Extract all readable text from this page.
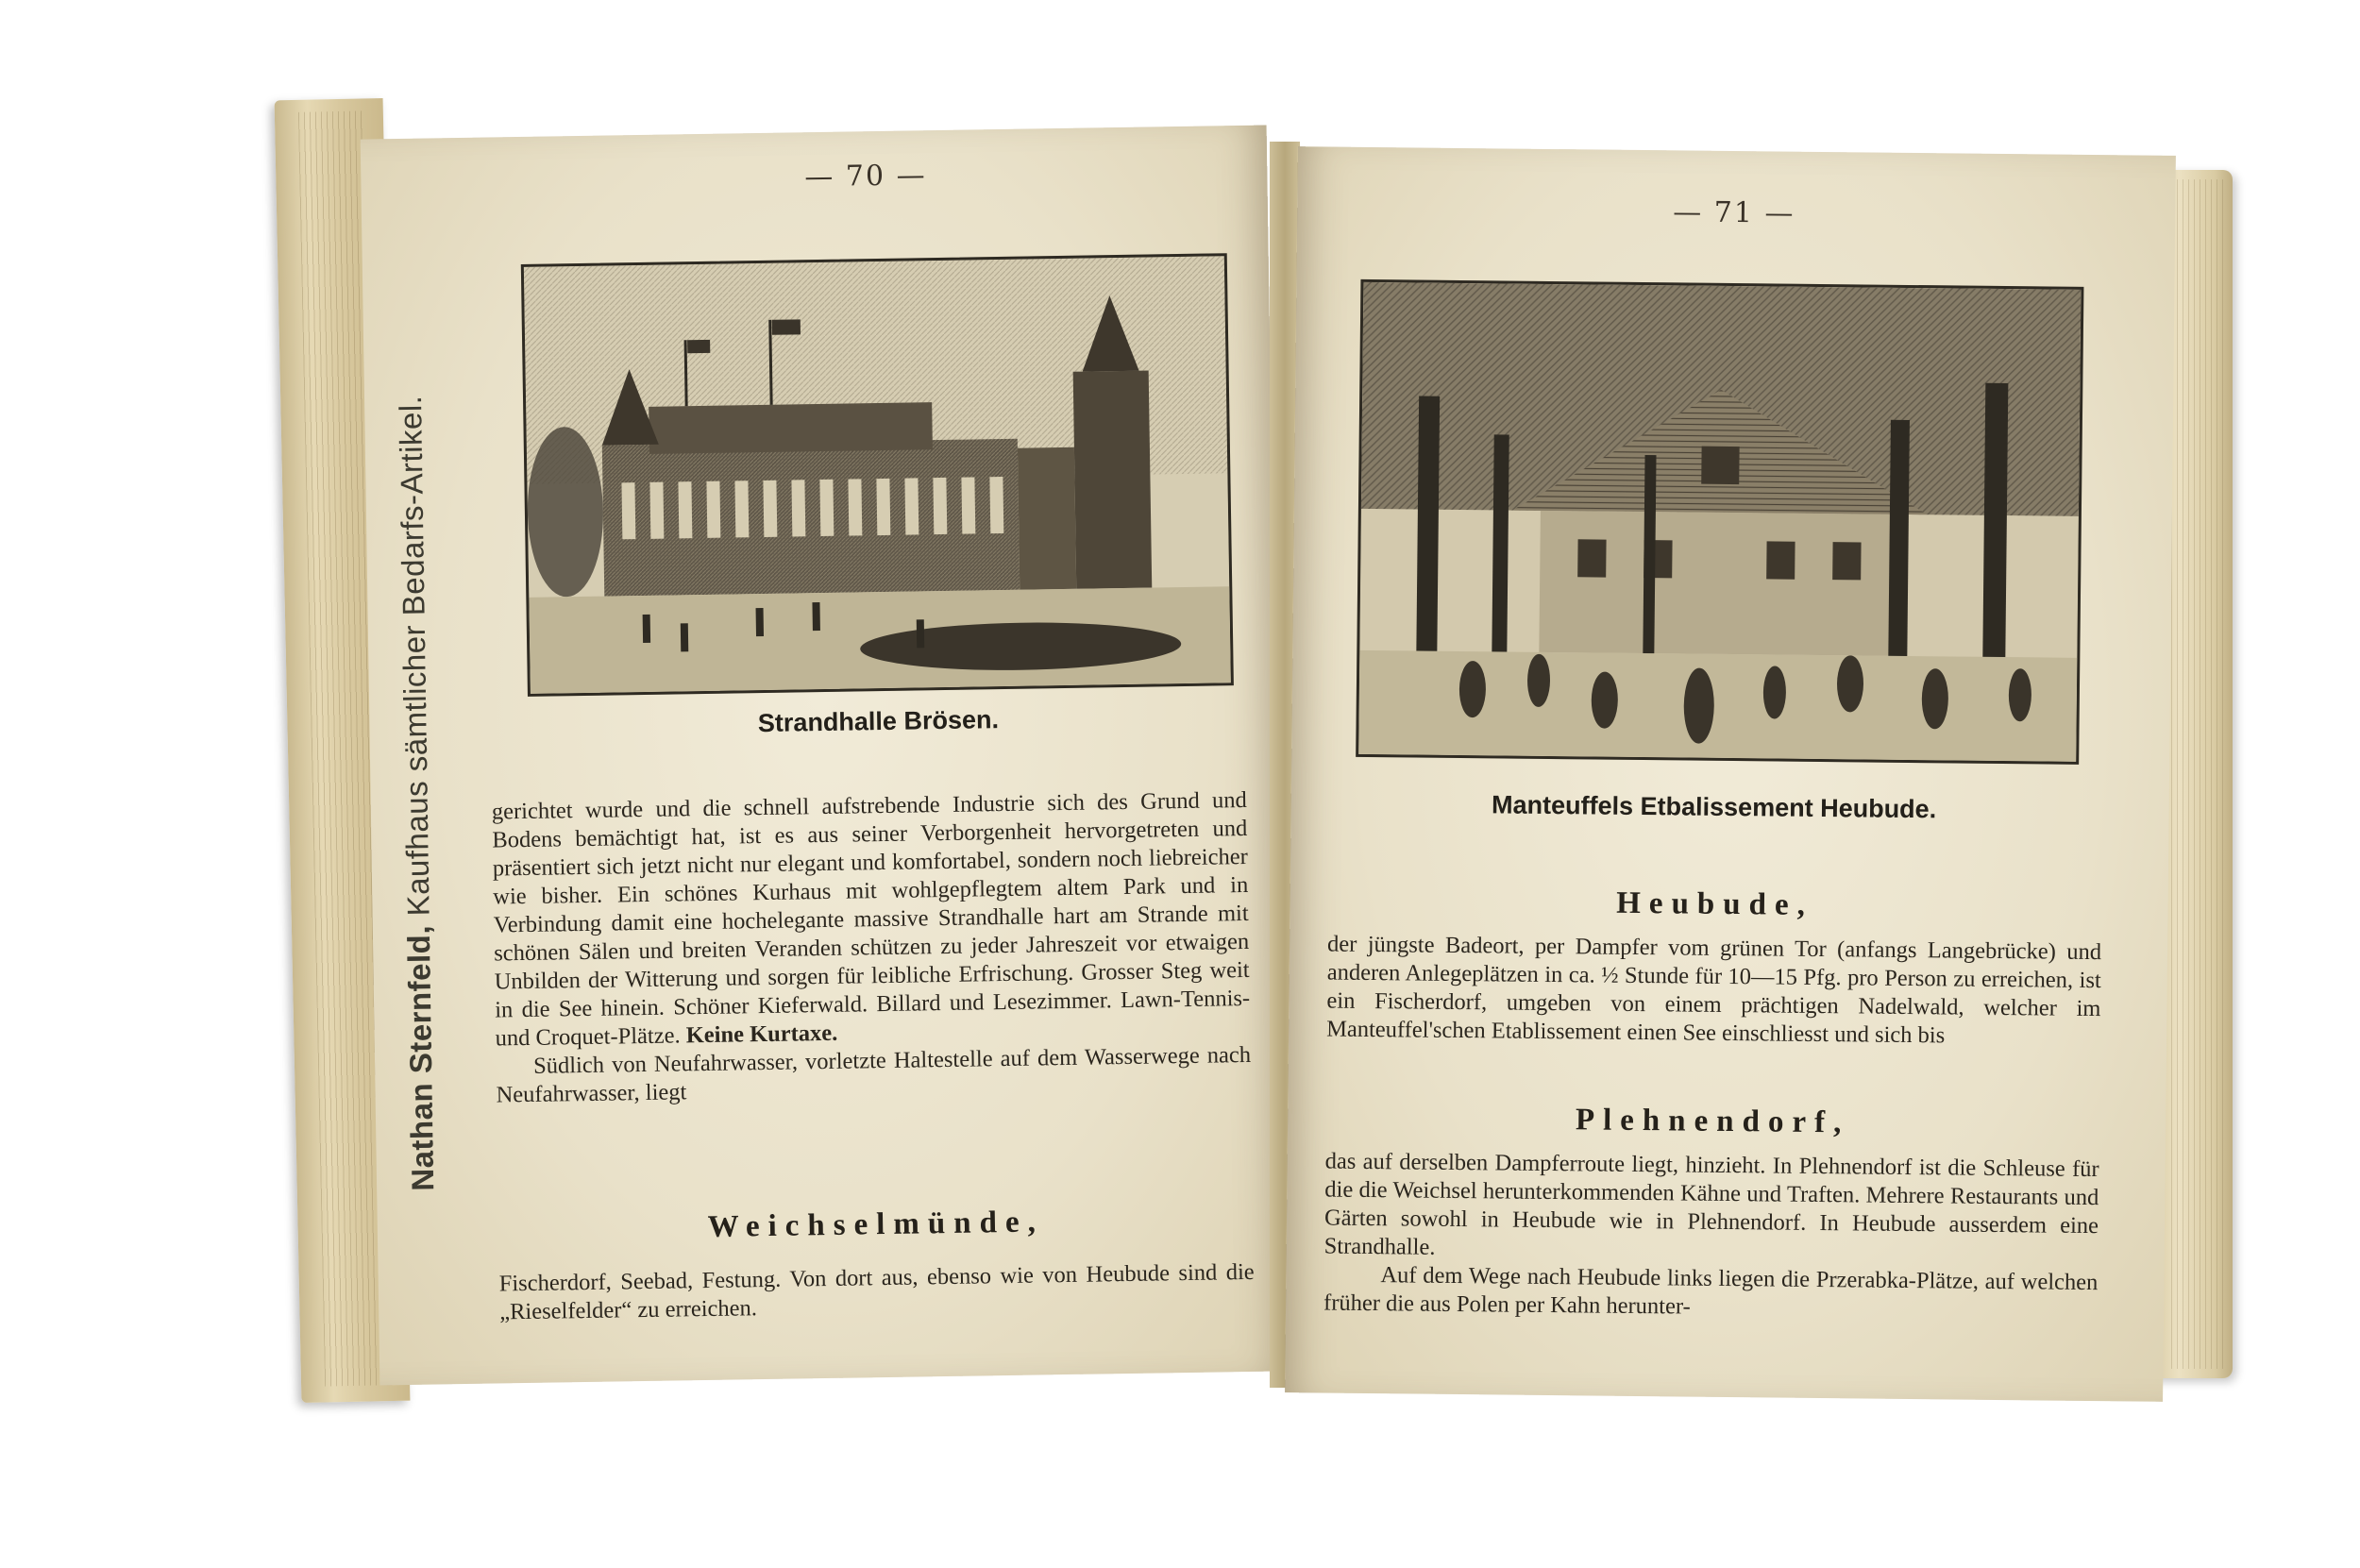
— 70 —
Nathan Sternfeld, Kaufhaus sämtlicher Bedarfs-Artikel.	Strandhalle Brösen.

gerichtet wurde und die schnell aufstrebende Industrie sich des Grund und Bodens bemächtigt hat, ist es aus seiner Verborgenheit hervorgetreten und präsentiert sich jetzt nicht nur elegant und komfortabel, sondern noch liebreicher wie bisher. Ein schönes Kurhaus mit wohlgepflegtem altem Park und in Verbindung damit eine hochelegante massive Strandhalle hart am Strande mit schönen Sälen und breiten Veranden schützen zu jeder Jahreszeit vor etwaigen Unbilden der Witterung und sorgen für leibliche Erfrischung. Grosser Steg weit in die See hinein. Schöner Kieferwald. Billard und Lesezimmer. Lawn-Tennis- und Croquet-Plätze. Keine Kurtaxe.

Südlich von Neufahrwasser, vorletzte Haltestelle auf dem Wasserwege nach Neufahrwasser, liegt

Weichselmünde,

Fischerdorf, Seebad, Festung. Von dort aus, ebenso wie von Heubude sind die „Rieselfelder“ zu erreichen.

— 71 —
Manteuffels Etbalissement Heubude.
Heubude,

der jüngste Badeort, per Dampfer vom grünen Tor (anfangs Langebrücke) und anderen Anlegeplätzen in ca. ½ Stunde für 10—15 Pfg. pro Person zu erreichen, ist ein Fischerdorf, umgeben von einem prächtigen Nadelwald, welcher im Manteuffel'schen Etablissement einen See einschliesst und sich bis

Plehnendorf,

das auf derselben Dampferroute liegt, hinzieht. In Plehnendorf ist die Schleuse für die die Weichsel herunterkommenden Kähne und Traften. Mehrere Restaurants und Gärten sowohl in Heubude wie in Plehnendorf. In Heubude ausserdem eine Strandhalle.

Auf dem Wege nach Heubude links liegen die Przerabka-Plätze, auf welchen früher die aus Polen per Kahn herunter-
